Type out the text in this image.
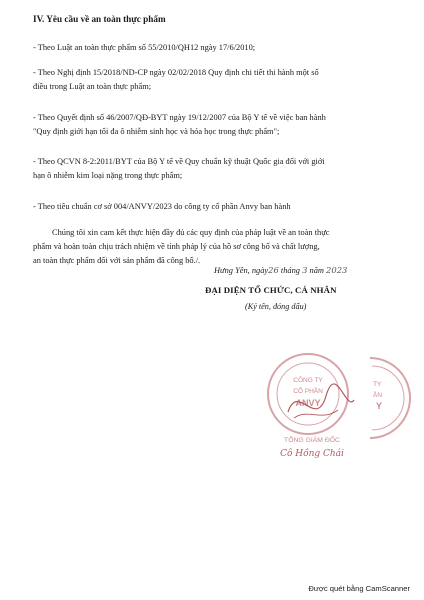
IV. Yêu cầu về an toàn thực phẩm
- Theo Luật an toàn thực phẩm số 55/2010/QH12 ngày 17/6/2010;
- Theo Nghị định 15/2018/ND-CP ngày 02/02/2018 Quy định chi tiết thi hành một số
điều trong Luật an toàn thực phẩm;
- Theo Quyết định số 46/2007/QĐ-BYT ngày 19/12/2007 của Bộ Y tế về việc ban hành
"Quy định giới hạn tối đa ô nhiễm sinh học và hóa học trong thực phẩm";
- Theo QCVN 8-2:2011/BYT của Bộ Y tế về Quy chuẩn kỹ thuật Quốc gia đối với giới
hạn ô nhiễm kim loại nặng trong thực phẩm;
- Theo tiêu chuẩn cơ sở 004/ANVY/2023 do công ty cổ phần Anvy ban hành
Chúng tôi xin cam kết thực hiện đầy đủ các quy định của pháp luật về an toàn thực
phẩm và hoàn toàn chịu trách nhiệm về tính pháp lý của hồ sơ công bố và chất lượng,
an toàn thực phẩm đối với sản phẩm đã công bố./.
Hưng Yên, ngày26 tháng 3 năm 2023
ĐẠI DIỆN TỔ CHỨC, CÁ NHÂN
(Ký tên, đóng dấu)
CÔNG TY
CỔ PHẦN
ANVY
TY
ẦN
Y
TỔNG GIÁM ĐỐC
Cô Hồng Chái
Được quét bằng CamScanner
